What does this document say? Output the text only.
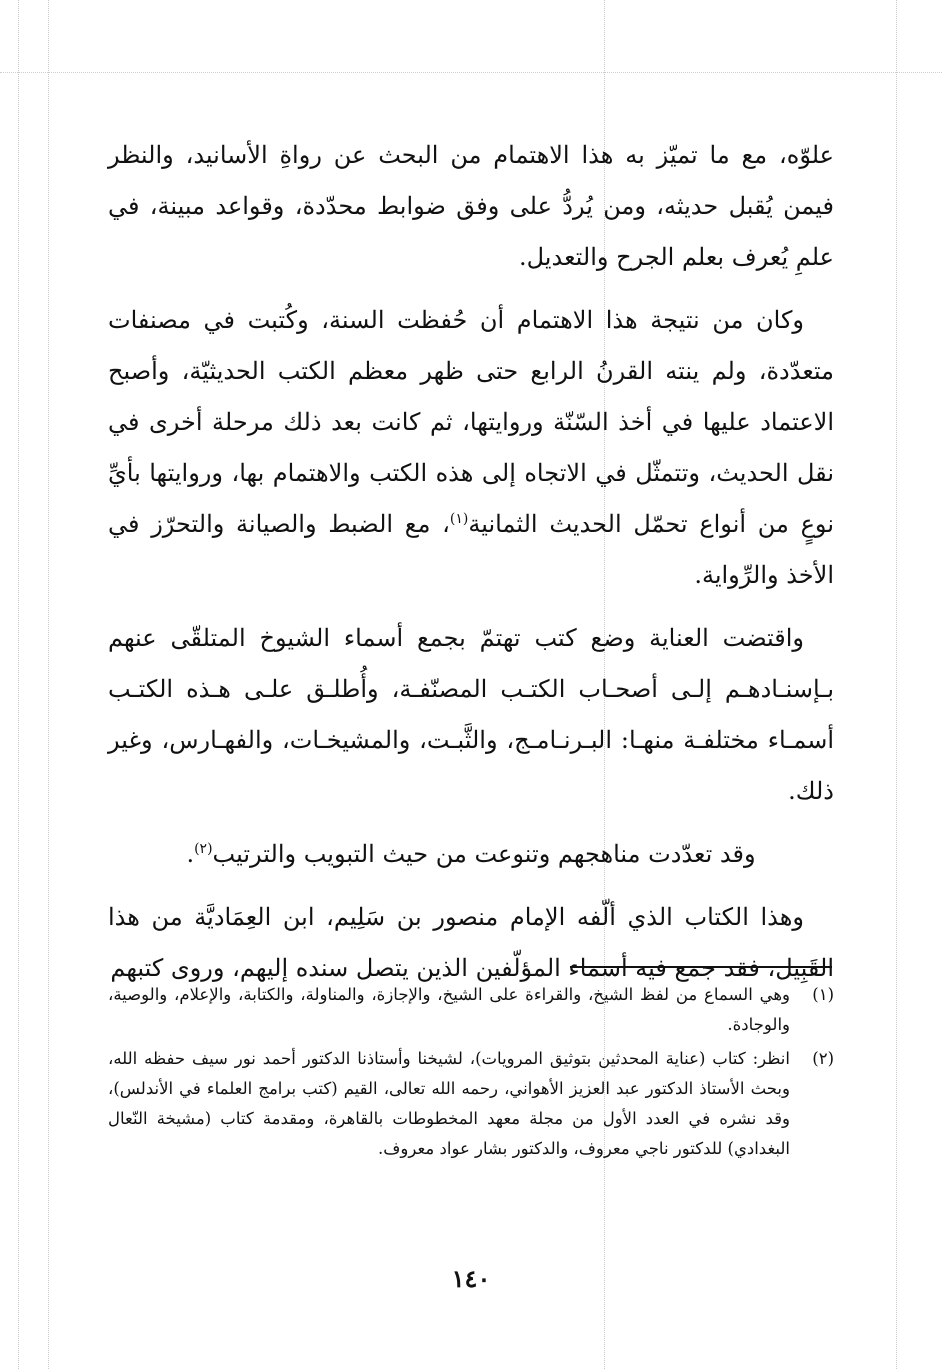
علوّه، مع ما تميّز به هذا الاهتمام من البحث عن رواةِ الأسانيد، والنظر فيمن يُقبل حديثه، ومن يُردُّ على وفق ضوابط محدّدة، وقواعد مبينة، في علمِ يُعرف بعلم الجرح والتعديل.

وكان من نتيجة هذا الاهتمام أن حُفظت السنة، وكُتبت في مصنفات متعدّدة، ولم ينته القرنُ الرابع حتى ظهر معظم الكتب الحديثيّة، وأصبح الاعتماد عليها في أخذ السّنّة وروايتها، ثم كانت بعد ذلك مرحلة أخرى في نقل الحديث، وتتمثّل في الاتجاه إلى هذه الكتب والاهتمام بها، وروايتها بأيِّ نوعٍ من أنواع تحمّل الحديث الثمانية$^{(١)}$، مع الضبط والصيانة والتحرّز في الأخذ والرِّواية.

واقتضت العناية وضع كتب تهتمّ بجمع أسماء الشيوخ المتلقّى عنهم بـإسنـادهـم إلـى أصحـاب الكتـب المصنّفـة، وأُطلـق علـى هـذه الكتـب أسمـاء مختلفـة منهـا: البـرنـامـج، والثَّبـت، والمشيخـات، والفهـارس، وغير ذلك.

وقد تعدّدت مناهجهم وتنوعت من حيث التبويب والترتيب$^{(٢)}$.

وهذا الكتاب الذي ألّفه الإمام منصور بن سَلِيم، ابن العِمَاديَّة من هذا القَبِيل، فقد جمع فيه أسماء المؤلّفين الذين يتصل سنده إليهم، وروى كتبهم

(١)
وهي السماع من لفظ الشيخ، والقراءة على الشيخ، والإجازة، والمناولة، والكتابة، والإعلام، والوصية، والوجادة.
(٢)
انظر: كتاب (عناية المحدثين بتوثيق المرويات)، لشيخنا وأستاذنا الدكتور أحمد نور سيف حفظه الله، وبحث الأستاذ الدكتور عبد العزيز الأهواني، رحمه الله تعالى، القيم (كتب برامج العلماء في الأندلس)، وقد نشره في العدد الأول من مجلة معهد المخطوطات بالقاهرة، ومقدمة كتاب (مشيخة النّعال البغدادي) للدكتور ناجي معروف، والدكتور بشار عواد معروف.
١٤٠
